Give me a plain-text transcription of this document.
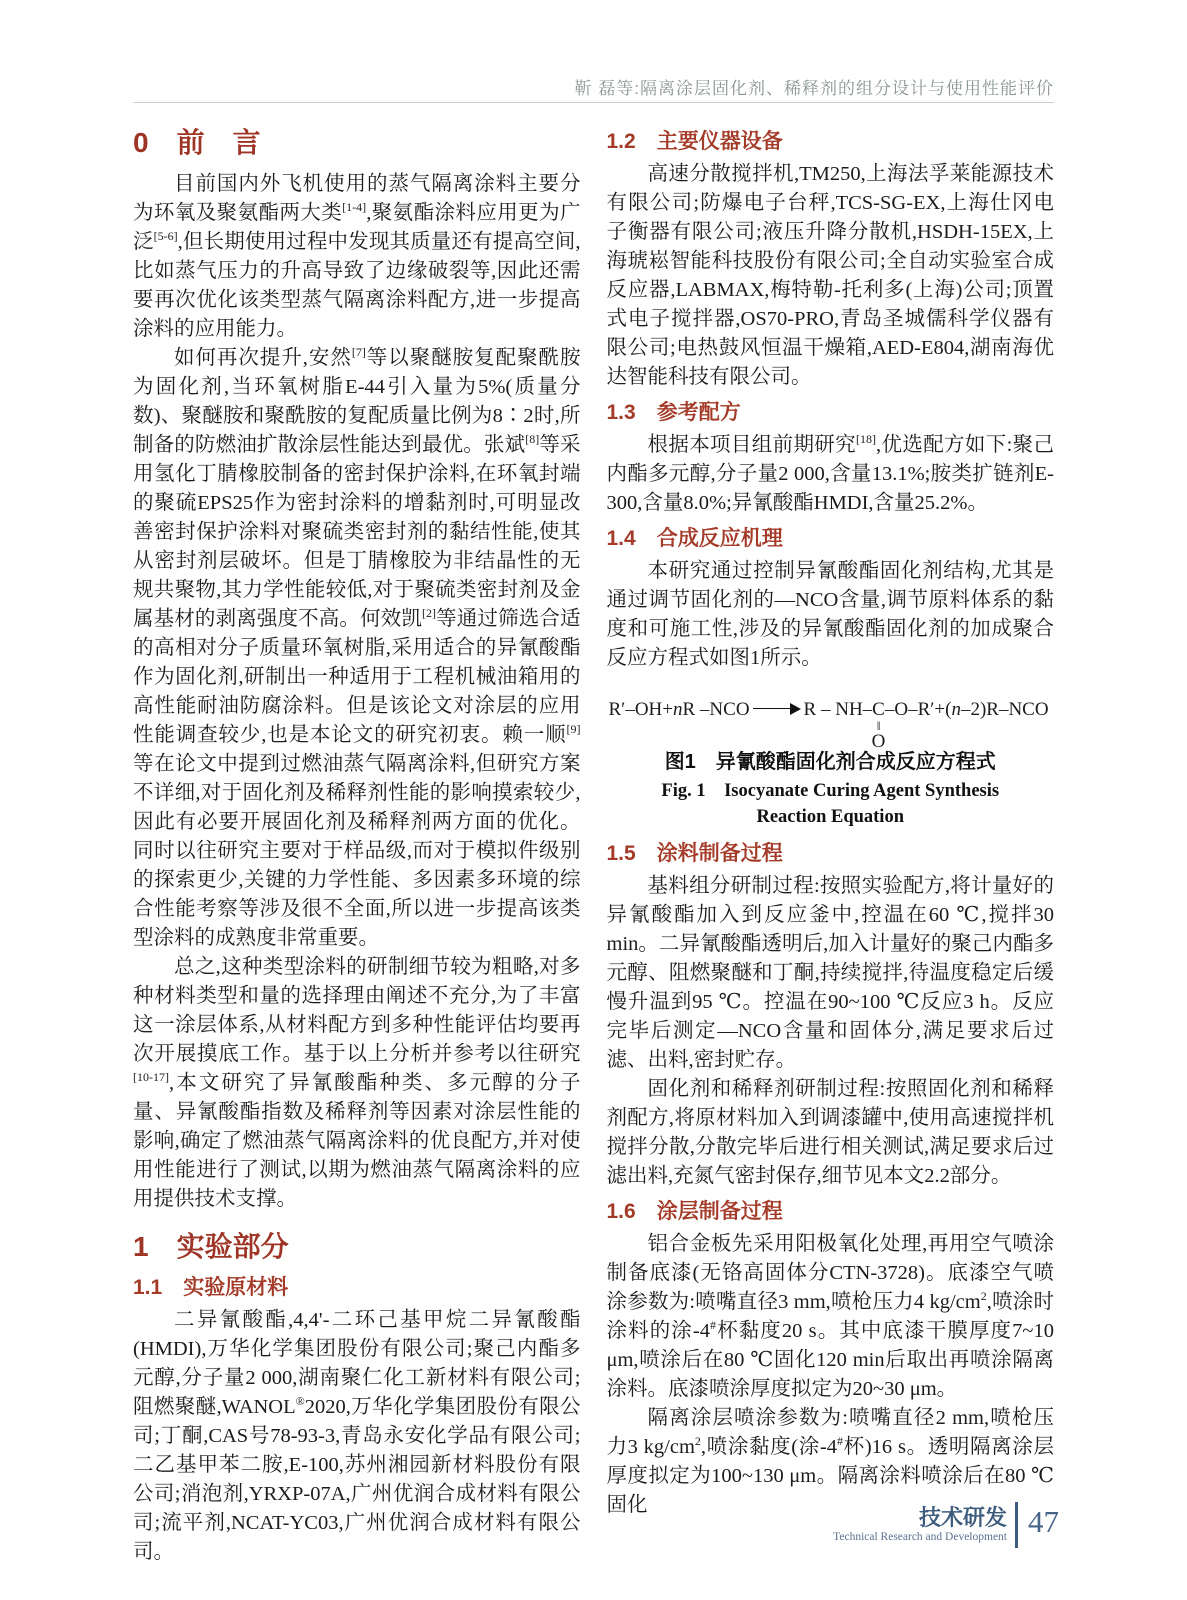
靳 磊等:隔离涂层固化剂、稀释剂的组分设计与使用性能评价
0　前　言

目前国内外飞机使用的蒸气隔离涂料主要分为环氧及聚氨酯两大类[1-4],聚氨酯涂料应用更为广泛[5-6],但长期使用过程中发现其质量还有提高空间,比如蒸气压力的升高导致了边缘破裂等,因此还需要再次优化该类型蒸气隔离涂料配方,进一步提高涂料的应用能力。

如何再次提升,安然[7]等以聚醚胺复配聚酰胺为固化剂,当环氧树脂E-44引入量为5%(质量分数)、聚醚胺和聚酰胺的复配质量比例为8∶2时,所制备的防燃油扩散涂层性能达到最优。张斌[8]等采用氢化丁腈橡胶制备的密封保护涂料,在环氧封端的聚硫EPS25作为密封涂料的增黏剂时,可明显改善密封保护涂料对聚硫类密封剂的黏结性能,使其从密封剂层破坏。但是丁腈橡胶为非结晶性的无规共聚物,其力学性能较低,对于聚硫类密封剂及金属基材的剥离强度不高。何效凯[2]等通过筛选合适的高相对分子质量环氧树脂,采用适合的异氰酸酯作为固化剂,研制出一种适用于工程机械油箱用的高性能耐油防腐涂料。但是该论文对涂层的应用性能调查较少,也是本论文的研究初衷。赖一顺[9]等在论文中提到过燃油蒸气隔离涂料,但研究方案不详细,对于固化剂及稀释剂性能的影响摸索较少,因此有必要开展固化剂及稀释剂两方面的优化。同时以往研究主要对于样品级,而对于模拟件级别的探索更少,关键的力学性能、多因素多环境的综合性能考察等涉及很不全面,所以进一步提高该类型涂料的成熟度非常重要。

总之,这种类型涂料的研制细节较为粗略,对多种材料类型和量的选择理由阐述不充分,为了丰富这一涂层体系,从材料配方到多种性能评估均要再次开展摸底工作。基于以上分析并参考以往研究[10-17],本文研究了异氰酸酯种类、多元醇的分子量、异氰酸酯指数及稀释剂等因素对涂层性能的影响,确定了燃油蒸气隔离涂料的优良配方,并对使用性能进行了测试,以期为燃油蒸气隔离涂料的应用提供技术支撑。

1　实验部分
1.1　实验原材料

二异氰酸酯,4,4'-二环己基甲烷二异氰酸酯(HMDI),万华化学集团股份有限公司;聚己内酯多元醇,分子量2 000,湖南聚仁化工新材料有限公司;阻燃聚醚,WANOL®2020,万华化学集团股份有限公司;丁酮,CAS号78-93-3,青岛永安化学品有限公司;二乙基甲苯二胺,E-100,苏州湘园新材料股份有限公司;消泡剂,YRXP-07A,广州优润合成材料有限公司;流平剂,NCAT-YC03,广州优润合成材料有限公司。

1.2　主要仪器设备

高速分散搅拌机,TM250,上海法孚莱能源技术有限公司;防爆电子台秤,TCS-SG-EX,上海仕冈电子衡器有限公司;液压升降分散机,HSDH-15EX,上海琥崧智能科技股份有限公司;全自动实验室合成反应器,LABMAX,梅特勒-托利多(上海)公司;顶置式电子搅拌器,OS70-PRO,青岛圣城儒科学仪器有限公司;电热鼓风恒温干燥箱,AED-E804,湖南海优达智能科技有限公司。

1.3　参考配方

根据本项目组前期研究[18],优选配方如下:聚己内酯多元醇,分子量2 000,含量13.1%;胺类扩链剂E-300,含量8.0%;异氰酸酯HMDI,含量25.2%。

1.4　合成反应机理

本研究通过控制异氰酸酯固化剂结构,尤其是通过调节固化剂的—NCO含量,调节原料体系的黏度和可施工性,涉及的异氰酸酯固化剂的加成聚合反应方程式如图1所示。

R′–OH+nR –NCO	R – NH– C
‖
O
–O–R′+(n–2)R–NCO
图1　异氰酸酯固化剂合成反应方程式
Fig. 1　Isocyanate Curing Agent Synthesis Reaction Equation
1.5　涂料制备过程

基料组分研制过程:按照实验配方,将计量好的异氰酸酯加入到反应釜中,控温在60 ℃,搅拌30 min。二异氰酸酯透明后,加入计量好的聚己内酯多元醇、阻燃聚醚和丁酮,持续搅拌,待温度稳定后缓慢升温到95 ℃。控温在90~100 ℃反应3 h。反应完毕后测定—NCO含量和固体分,满足要求后过滤、出料,密封贮存。

固化剂和稀释剂研制过程:按照固化剂和稀释剂配方,将原材料加入到调漆罐中,使用高速搅拌机搅拌分散,分散完毕后进行相关测试,满足要求后过滤出料,充氮气密封保存,细节见本文2.2部分。

1.6　涂层制备过程

铝合金板先采用阳极氧化处理,再用空气喷涂制备底漆(无铬高固体分CTN-3728)。底漆空气喷涂参数为:喷嘴直径3 mm,喷枪压力4 $kg/cm^2$,喷涂时涂料的涂-4#杯黏度20 s。其中底漆干膜厚度7~10 μm,喷涂后在80 ℃固化120 min后取出再喷涂隔离涂料。底漆喷涂厚度拟定为20~30 μm。

隔离涂层喷涂参数为:喷嘴直径2 mm,喷枪压力3 $kg/cm^2$,喷涂黏度(涂-4#杯)16 s。透明隔离涂层厚度拟定为100~130 μm。隔离涂料喷涂后在80 ℃固化	技术研发
Technical Research and Development 47
